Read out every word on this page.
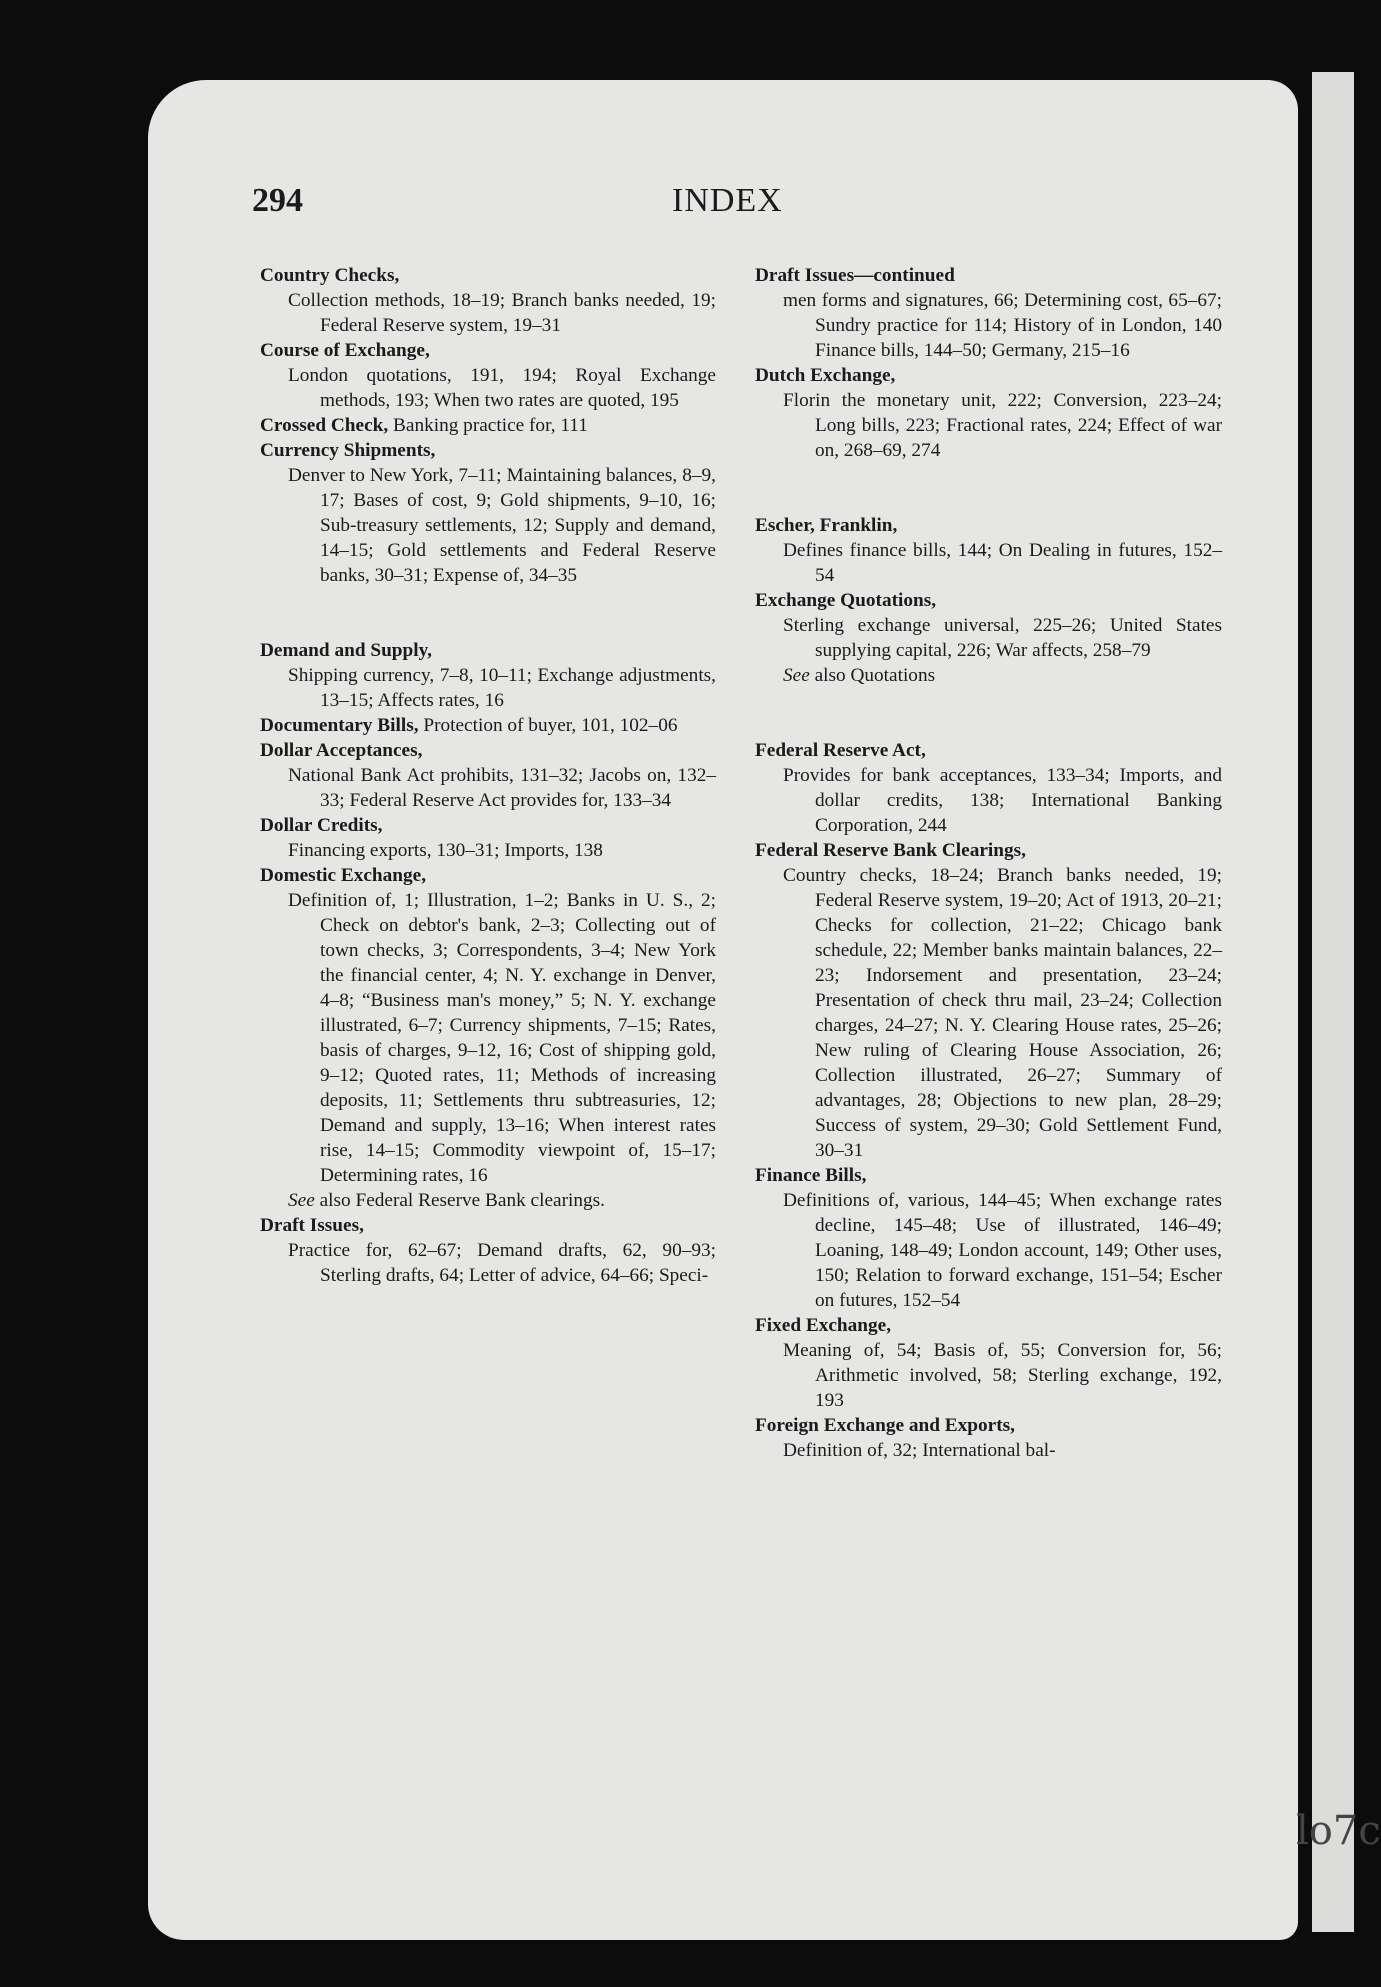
lo7c
294	INDEX
Country Checks,

Collection methods, 18–19; Branch banks needed, 19; Federal Reserve system, 19–31

Course of Exchange,

London quotations, 191, 194; Royal Exchange methods, 193; When two rates are quoted, 195

Crossed Check, Banking practice for, 111
Currency Shipments,

Denver to New York, 7–11; Maintaining balances, 8–9, 17; Bases of cost, 9; Gold shipments, 9–10, 16; Sub-treasury settlements, 12; Supply and demand, 14–15; Gold settlements and Federal Reserve banks, 30–31; Expense of, 34–35

Demand and Supply,

Shipping currency, 7–8, 10–11; Exchange adjustments, 13–15; Affects rates, 16

Documentary Bills, Protection of buyer, 101, 102–06
Dollar Acceptances,

National Bank Act prohibits, 131–32; Jacobs on, 132–33; Federal Reserve Act provides for, 133–34

Dollar Credits,

Financing exports, 130–31; Imports, 138

Domestic Exchange,

Definition of, 1; Illustration, 1–2; Banks in U. S., 2; Check on debtor's bank, 2–3; Collecting out of town checks, 3; Correspondents, 3–4; New York the financial center, 4; N. Y. exchange in Denver, 4–8; “Business man's money,” 5; N. Y. exchange illustrated, 6–7; Currency shipments, 7–15; Rates, basis of charges, 9–12, 16; Cost of shipping gold, 9–12; Quoted rates, 11; Methods of increasing deposits, 11; Settlements thru subtreasuries, 12; Demand and supply, 13–16; When interest rates rise, 14–15; Commodity viewpoint of, 15–17; Determining rates, 16

See also Federal Reserve Bank clearings.
Draft Issues,

Practice for, 62–67; Demand drafts, 62, 90–93; Sterling drafts, 64; Letter of advice, 64–66; Speci-

Draft Issues—continued

men forms and signatures, 66; Determining cost, 65–67; Sundry practice for 114; History of in London, 140 Finance bills, 144–50; Germany, 215–16

Dutch Exchange,

Florin the monetary unit, 222; Conversion, 223–24; Long bills, 223; Fractional rates, 224; Effect of war on, 268–69, 274

Escher, Franklin,

Defines finance bills, 144; On Dealing in futures, 152–54

Exchange Quotations,

Sterling exchange universal, 225–26; United States supplying capital, 226; War affects, 258–79

See also Quotations
Federal Reserve Act,

Provides for bank acceptances, 133–34; Imports, and dollar credits, 138; International Banking Corporation, 244

Federal Reserve Bank Clearings,

Country checks, 18–24; Branch banks needed, 19; Federal Reserve system, 19–20; Act of 1913, 20–21; Checks for collection, 21–22; Chicago bank schedule, 22; Member banks maintain balances, 22–23; Indorsement and presentation, 23–24; Presentation of check thru mail, 23–24; Collection charges, 24–27; N. Y. Clearing House rates, 25–26; New ruling of Clearing House Association, 26; Collection illustrated, 26–27; Summary of advantages, 28; Objections to new plan, 28–29; Success of system, 29–30; Gold Settlement Fund, 30–31

Finance Bills,

Definitions of, various, 144–45; When exchange rates decline, 145–48; Use of illustrated, 146–49; Loaning, 148–49; London account, 149; Other uses, 150; Relation to forward exchange, 151–54; Escher on futures, 152–54

Fixed Exchange,

Meaning of, 54; Basis of, 55; Conversion for, 56; Arithmetic involved, 58; Sterling exchange, 192, 193

Foreign Exchange and Exports,

Definition of, 32; International bal-
